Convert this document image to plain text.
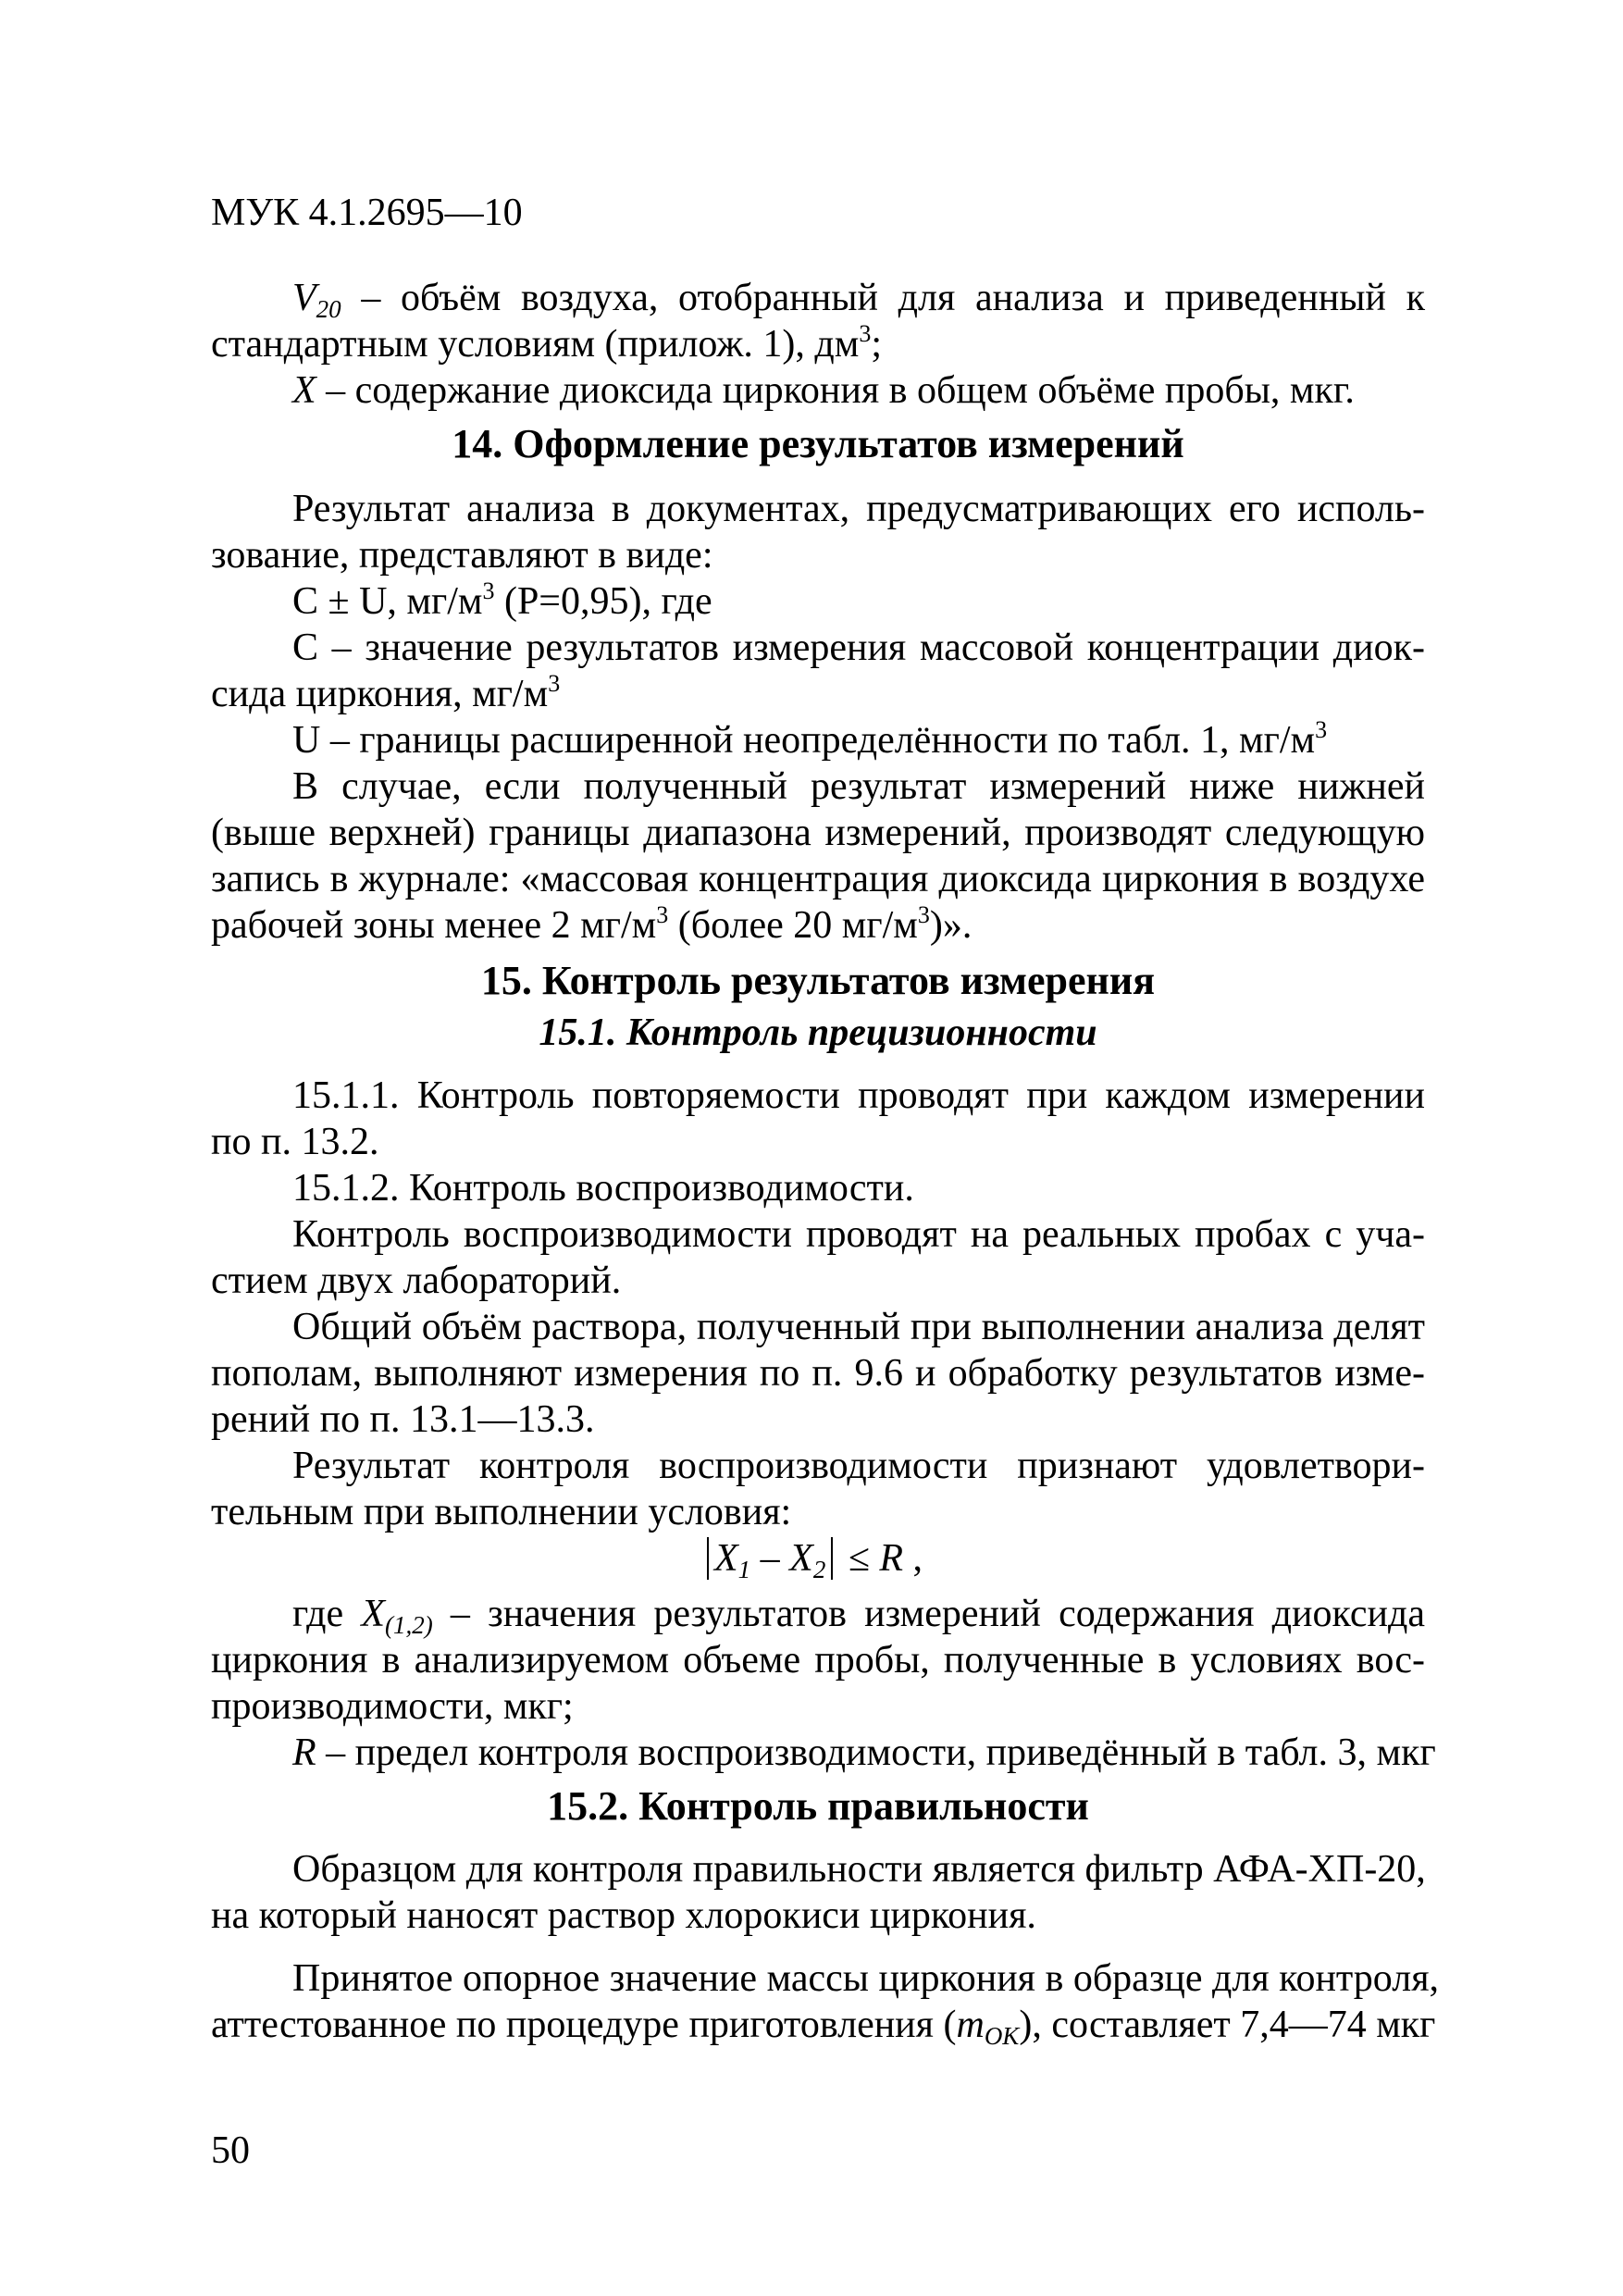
МУК 4.1.2695—10
$V_{20}$ – объём воздуха, отобранный для анализа и приведенный к
стандартным условиям (прилож. 1), $дм^3$;
X – содержание диоксида циркония в общем объёме пробы, мкг.
14. Оформление результатов измерений
Результат анализа в документах, предусматривающих его исполь-
зование, представляют в виде:
С ± U, $мг/м^3$ (P=0,95), где
С – значение результатов измерения массовой концентрации диок-
сида циркония, $мг/м^3$
U – границы расширенной неопределённости по табл. 1, $мг/м^3$
В случае, если полученный результат измерений ниже нижней
(выше верхней) границы диапазона измерений, производят следующую
запись в журнале: «массовая концентрация диоксида циркония в воздухе
рабочей зоны менее 2 $мг/м^3$ (более 20 $мг/м^3$)».
15. Контроль результатов измерения
15.1. Контроль прецизионности
15.1.1. Контроль повторяемости проводят при каждом измерении
по п. 13.2.
15.1.2. Контроль воспроизводимости.
Контроль воспроизводимости проводят на реальных пробах с уча-
стием двух лабораторий.
Общий объём раствора, полученный при выполнении анализа делят
пополам, выполняют измерения по п. 9.6 и обработку результатов изме-
рений по п. 13.1—13.3.
Результат контроля воспроизводимости признают удовлетвори-
тельным при выполнении условия:
$X_1 - X_2 \le R$ ,
где $X_{(1,2)}$ – значения результатов измерений содержания диоксида
циркония в анализируемом объеме пробы, полученные в условиях вос-
производимости, мкг;
R – предел контроля воспроизводимости, приведённый в табл. 3, мкг
15.2. Контроль правильности
Образцом для контроля правильности является фильтр АФА-ХП-20,
на который наносят раствор хлорокиси циркония.
Принятое опорное значение массы циркония в образце для контроля,
аттестованное по процедуре приготовления $(m_{OK})$, составляет 7,4—74 мкг
50
